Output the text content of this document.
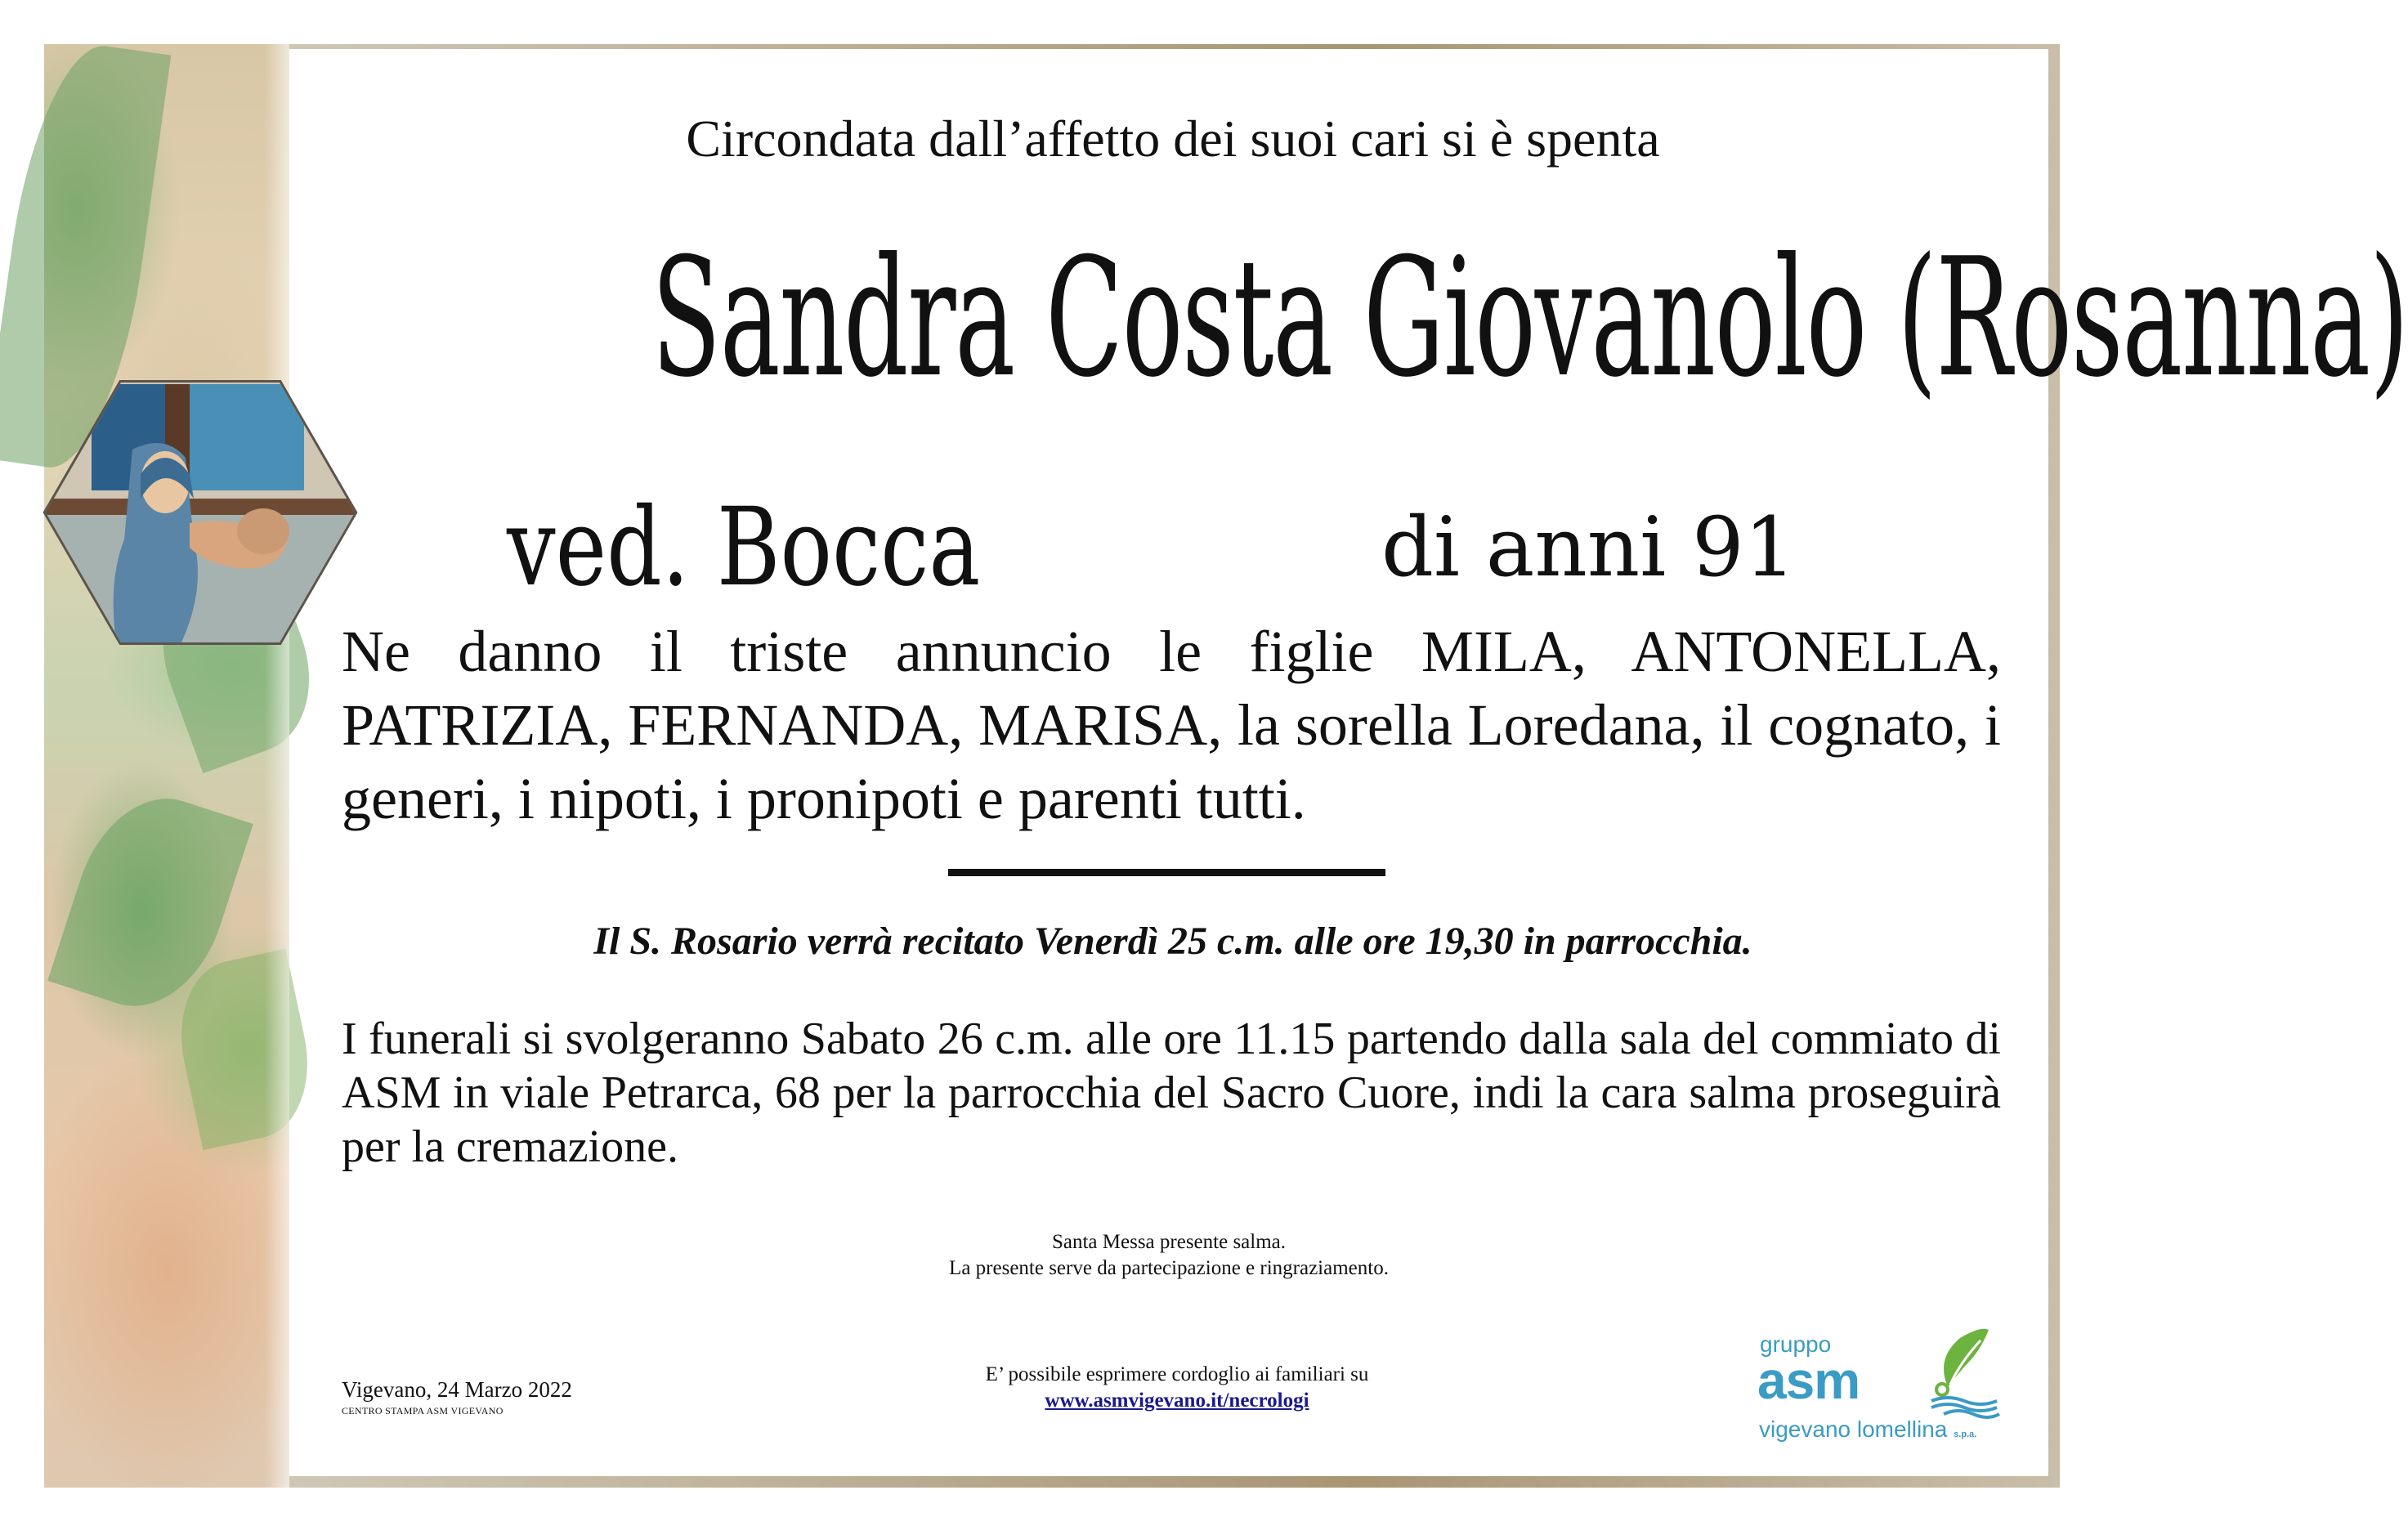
Circondata dall’affetto dei suoi cari si è spenta
Sandra Costa Giovanolo (Rosanna)
ved. Bocca	di anni 91
Ne danno il triste annuncio le figlie MILA, ANTONELLA, PATRIZIA, FERNANDA, MARISA, la sorella Loredana, il cognato, i generi, i nipoti, i pronipoti e parenti tutti.
Il S. Rosario verrà recitato Venerdì 25 c.m. alle ore 19,30 in parrocchia.
I funerali si svolgeranno Sabato 26 c.m. alle ore 11.15 partendo dalla sala del commiato di ASM in viale Petrarca, 68 per la parrocchia del Sacro Cuore, indi la cara salma proseguirà per la cremazione.
Santa Messa presente salma.
La presente serve da partecipazione e ringraziamento.
Vigevano, 24 Marzo 2022
CENTRO STAMPA ASM VIGEVANO
E’ possibile esprimere cordoglio ai familiari su
www.asmvigevano.it/necrologi
gruppo
asm
vigevano lomellina s.p.a.
